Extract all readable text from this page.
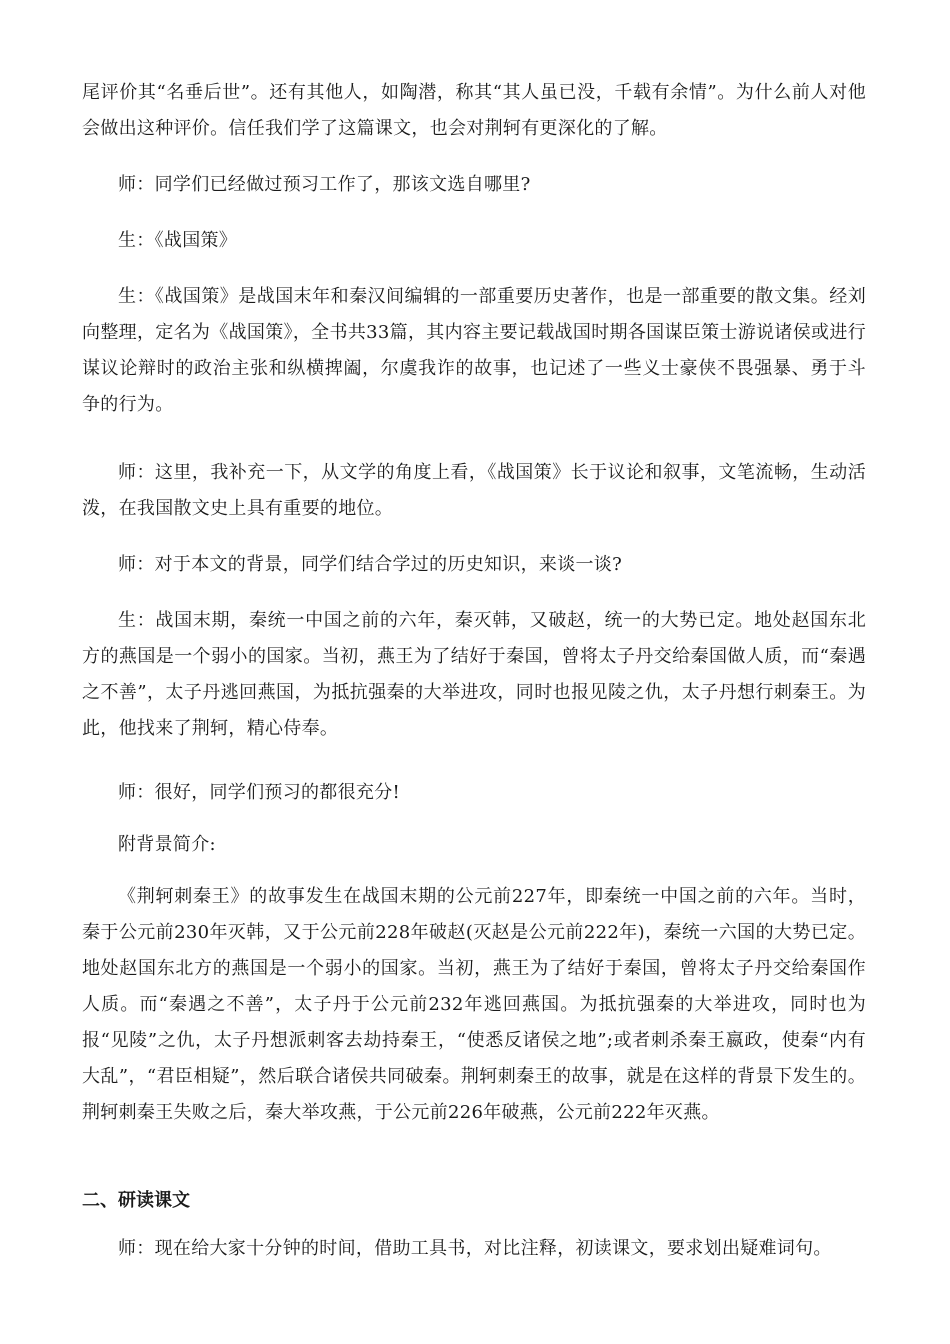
尾评价其“名垂后世”。还有其他人，如陶潜，称其“其人虽已没，千载有余情”。为什么前人对他会做出这种评价。信任我们学了这篇课文，也会对荆轲有更深化的了解。

师：同学们已经做过预习工作了，那该文选自哪里?

生：《战国策》

生：《战国策》是战国末年和秦汉间编辑的一部重要历史著作，也是一部重要的散文集。经刘向整理，定名为《战国策》，全书共33篇，其内容主要记载战国时期各国谋臣策士游说诸侯或进行谋议论辩时的政治主张和纵横捭阖，尔虞我诈的故事，也记述了一些义士豪侠不畏强暴、勇于斗争的行为。

师：这里，我补充一下，从文学的角度上看，《战国策》长于议论和叙事，文笔流畅，生动活泼，在我国散文史上具有重要的地位。

师：对于本文的背景，同学们结合学过的历史知识，来谈一谈?

生：战国末期，秦统一中国之前的六年，秦灭韩，又破赵，统一的大势已定。地处赵国东北方的燕国是一个弱小的国家。当初，燕王为了结好于秦国，曾将太子丹交给秦国做人质，而“秦遇之不善”，太子丹逃回燕国，为抵抗强秦的大举进攻，同时也报见陵之仇，太子丹想行刺秦王。为此，他找来了荆轲，精心侍奉。

师：很好，同学们预习的都很充分!

附背景简介:

《荆轲刺秦王》的故事发生在战国末期的公元前227年，即秦统一中国之前的六年。当时，秦于公元前230年灭韩，又于公元前228年破赵(灭赵是公元前222年)，秦统一六国的大势已定。地处赵国东北方的燕国是一个弱小的国家。当初，燕王为了结好于秦国，曾将太子丹交给秦国作人质。而“秦遇之不善”，太子丹于公元前232年逃回燕国。为抵抗强秦的大举进攻，同时也为报“见陵”之仇，太子丹想派刺客去劫持秦王，“使悉反诸侯之地”;或者刺杀秦王嬴政，使秦“内有大乱”，“君臣相疑”，然后联合诸侯共同破秦。荆轲刺秦王的故事，就是在这样的背景下发生的。荆轲刺秦王失败之后，秦大举攻燕，于公元前226年破燕，公元前222年灭燕。

二、研读课文

师：现在给大家十分钟的时间，借助工具书，对比注释，初读课文，要求划出疑难词句。
